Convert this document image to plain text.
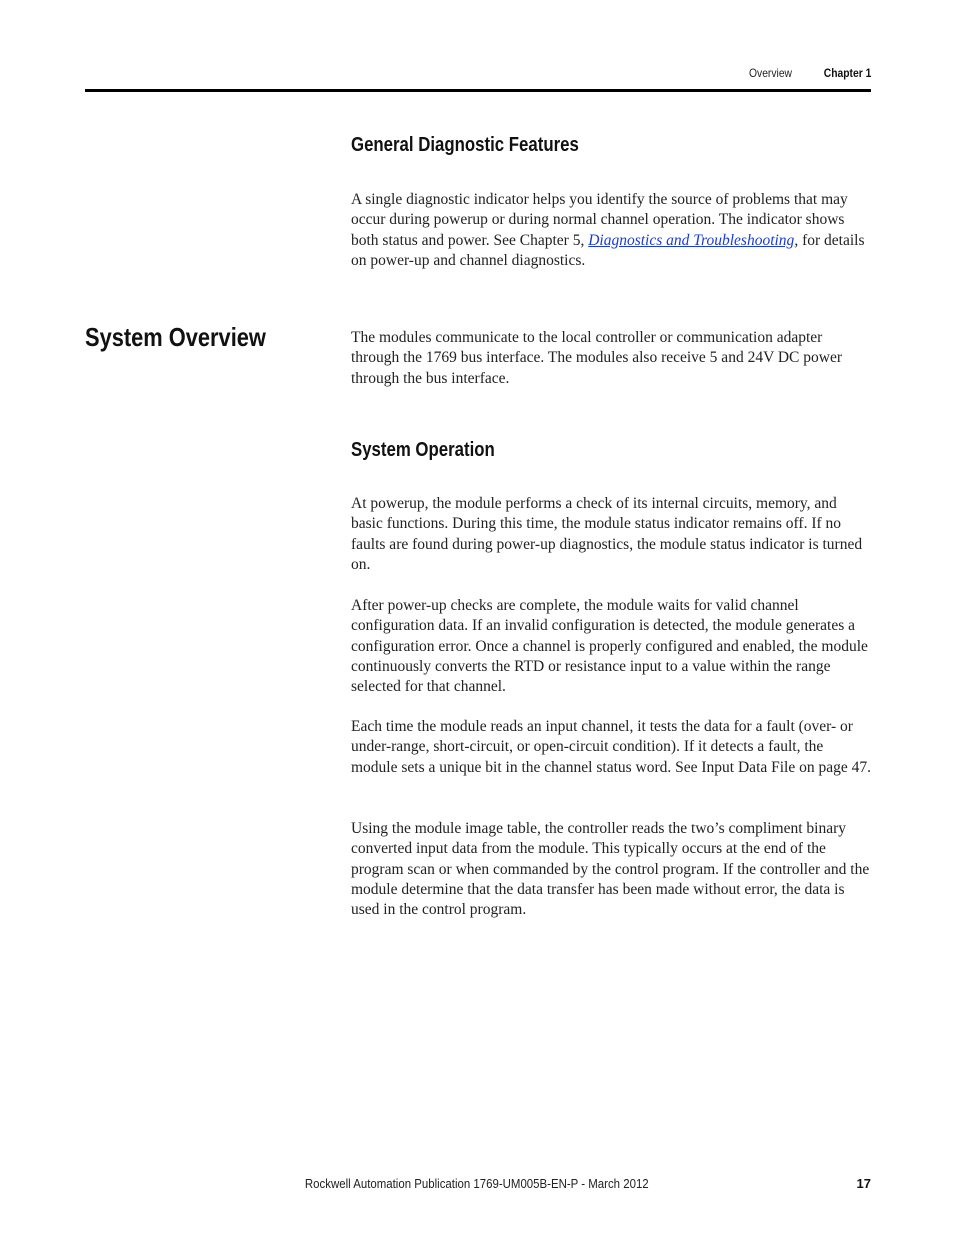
Overview	Chapter 1
General Diagnostic Features

A single diagnostic indicator helps you identify the source of problems that may occur during powerup or during normal channel operation. The indicator shows both status and power. See Chapter 5, Diagnostics and Troubleshooting, for details on power-up and channel diagnostics.

System Overview	The modules communicate to the local controller or communication adapter through the 1769 bus interface. The modules also receive 5 and 24V DC power through the bus interface.

System Operation

At powerup, the module performs a check of its internal circuits, memory, and basic functions. During this time, the module status indicator remains off. If no faults are found during power-up diagnostics, the module status indicator is turned on.

After power-up checks are complete, the module waits for valid channel configuration data. If an invalid configuration is detected, the module generates a configuration error. Once a channel is properly configured and enabled, the module continuously converts the RTD or resistance input to a value within the range selected for that channel.

Each time the module reads an input channel, it tests the data for a fault (over- or under-range, short-circuit, or open-circuit condition). If it detects a fault, the module sets a unique bit in the channel status word. See Input Data File on page 47.

Using the module image table, the controller reads the two’s compliment binary converted input data from the module. This typically occurs at the end of the program scan or when commanded by the control program. If the controller and the module determine that the data transfer has been made without error, the data is used in the control program.

Rockwell Automation Publication 1769-UM005B-EN-P - March 2012	17
